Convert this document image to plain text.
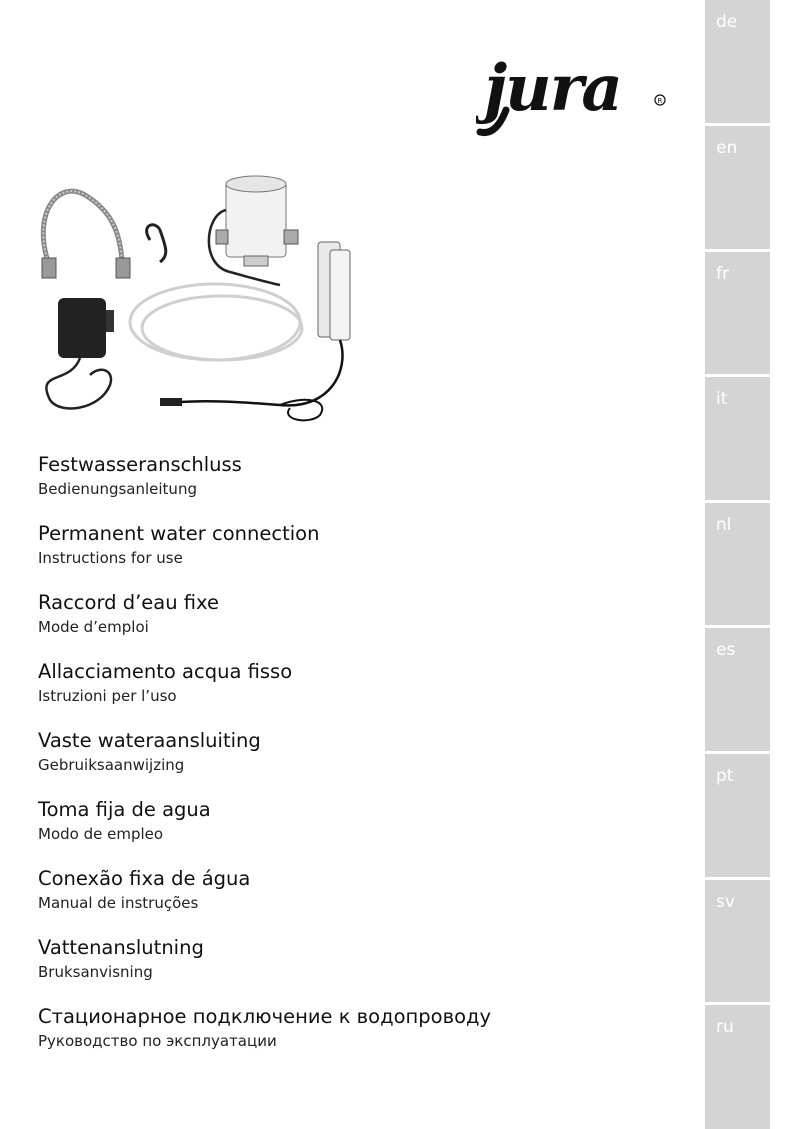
jura	R
de
en
fr
it
nl
es
pt
sv
ru
Festwasseranschluss
Bedienungsanleitung
Permanent water connection
Instructions for use
Raccord d’eau fixe
Mode d’emploi
Allacciamento acqua fisso
Istruzioni per l’uso
Vaste wateraansluiting
Gebruiksaanwijzing
Toma fija de agua
Modo de empleo
Conexão fixa de água
Manual de instruções
Vattenanslutning
Bruksanvisning
Стационарное подключение к водопроводу
Руководство по эксплуатации
